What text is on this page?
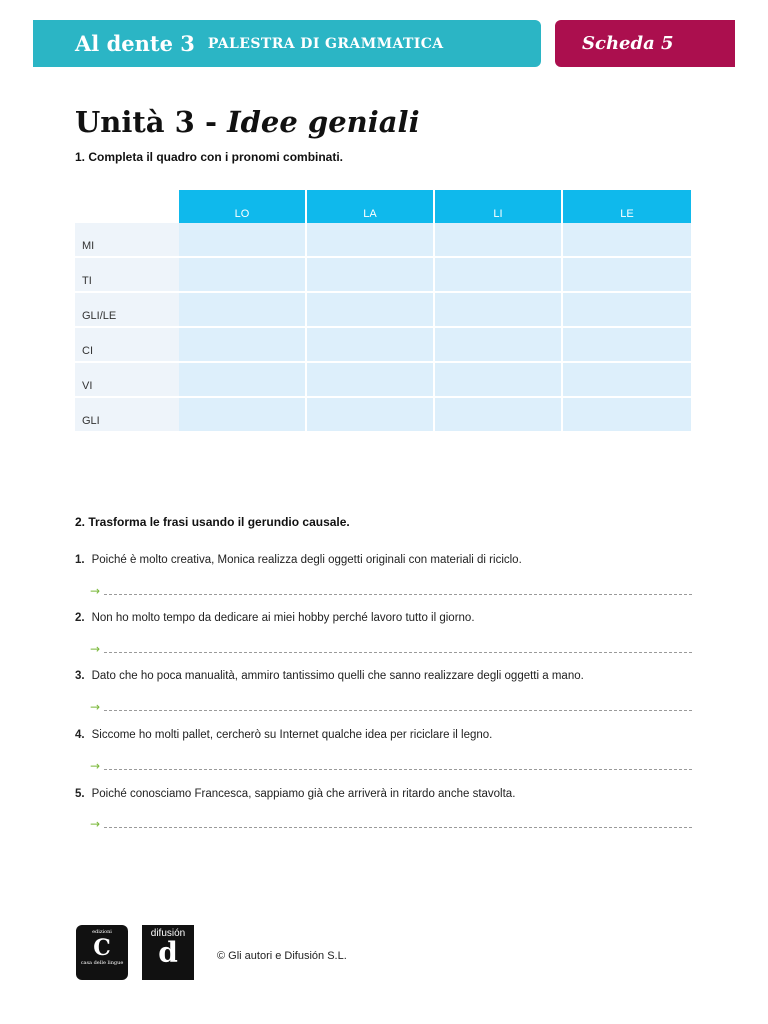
Al dente 3 PALESTRA DI GRAMMATICA	Scheda 5
Unità 3 - Idee geniali
1. Completa il quadro con i pronomi combinati.
	LO	LA	LI	LE
MI				
TI				
GLI/LE				
CI				
VI				
GLI				
2. Trasforma le frasi usando il gerundio causale.
1. Poiché è molto creativa, Monica realizza degli oggetti originali con materiali di riciclo.
→
2. Non ho molto tempo da dedicare ai miei hobby perché lavoro tutto il giorno.
→
3. Dato che ho poca manualità, ammiro tantissimo quelli che sanno realizzare degli oggetti a mano.
→
4. Siccome ho molti pallet, cercherò su Internet qualche idea per riciclare il legno.
→
5. Poiché conosciamo Francesca, sappiamo già che arriverà in ritardo anche stavolta.
→
edizioni
C
casa delle lingue
difusión
d	© Gli autori e Difusión S.L.
